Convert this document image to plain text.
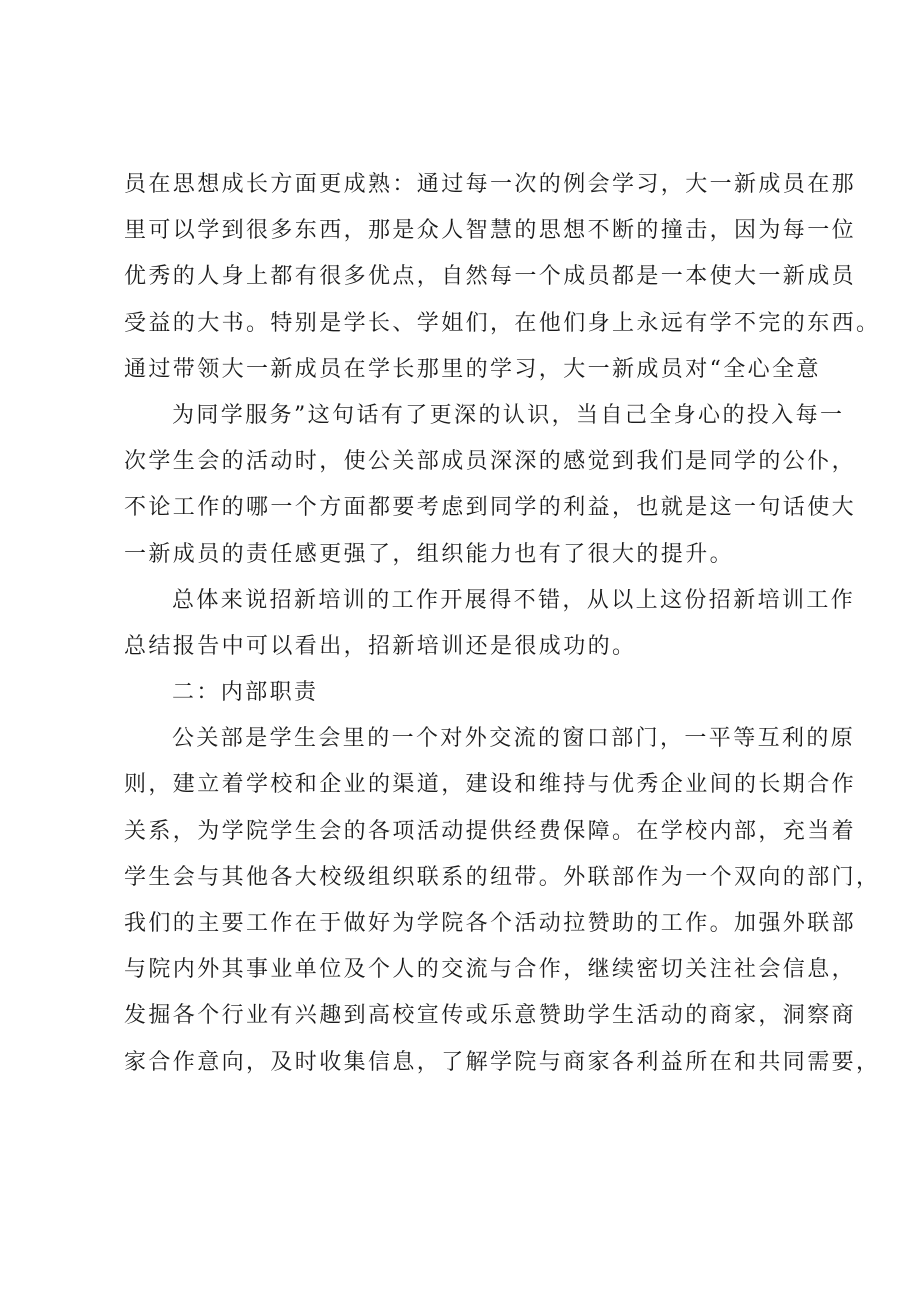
员在思想成长方面更成熟：通过每一次的例会学习，大一新成员在那
里可以学到很多东西，那是众人智慧的思想不断的撞击，因为每一位
优秀的人身上都有很多优点，自然每一个成员都是一本使大一新成员
受益的大书。特别是学长、学姐们，在他们身上永远有学不完的东西。
通过带领大一新成员在学长那里的学习，大一新成员对“全心全意
为同学服务”这句话有了更深的认识，当自己全身心的投入每一
次学生会的活动时，使公关部成员深深的感觉到我们是同学的公仆，
不论工作的哪一个方面都要考虑到同学的利益，也就是这一句话使大
一新成员的责任感更强了，组织能力也有了很大的提升。
总体来说招新培训的工作开展得不错，从以上这份招新培训工作
总结报告中可以看出，招新培训还是很成功的。
二：内部职责
公关部是学生会里的一个对外交流的窗口部门，一平等互利的原
则，建立着学校和企业的渠道，建设和维持与优秀企业间的长期合作
关系，为学院学生会的各项活动提供经费保障。在学校内部，充当着
学生会与其他各大校级组织联系的纽带。外联部作为一个双向的部门，
我们的主要工作在于做好为学院各个活动拉赞助的工作。加强外联部
与院内外其事业单位及个人的交流与合作，继续密切关注社会信息，
发掘各个行业有兴趣到高校宣传或乐意赞助学生活动的商家，洞察商
家合作意向，及时收集信息，了解学院与商家各利益所在和共同需要，
